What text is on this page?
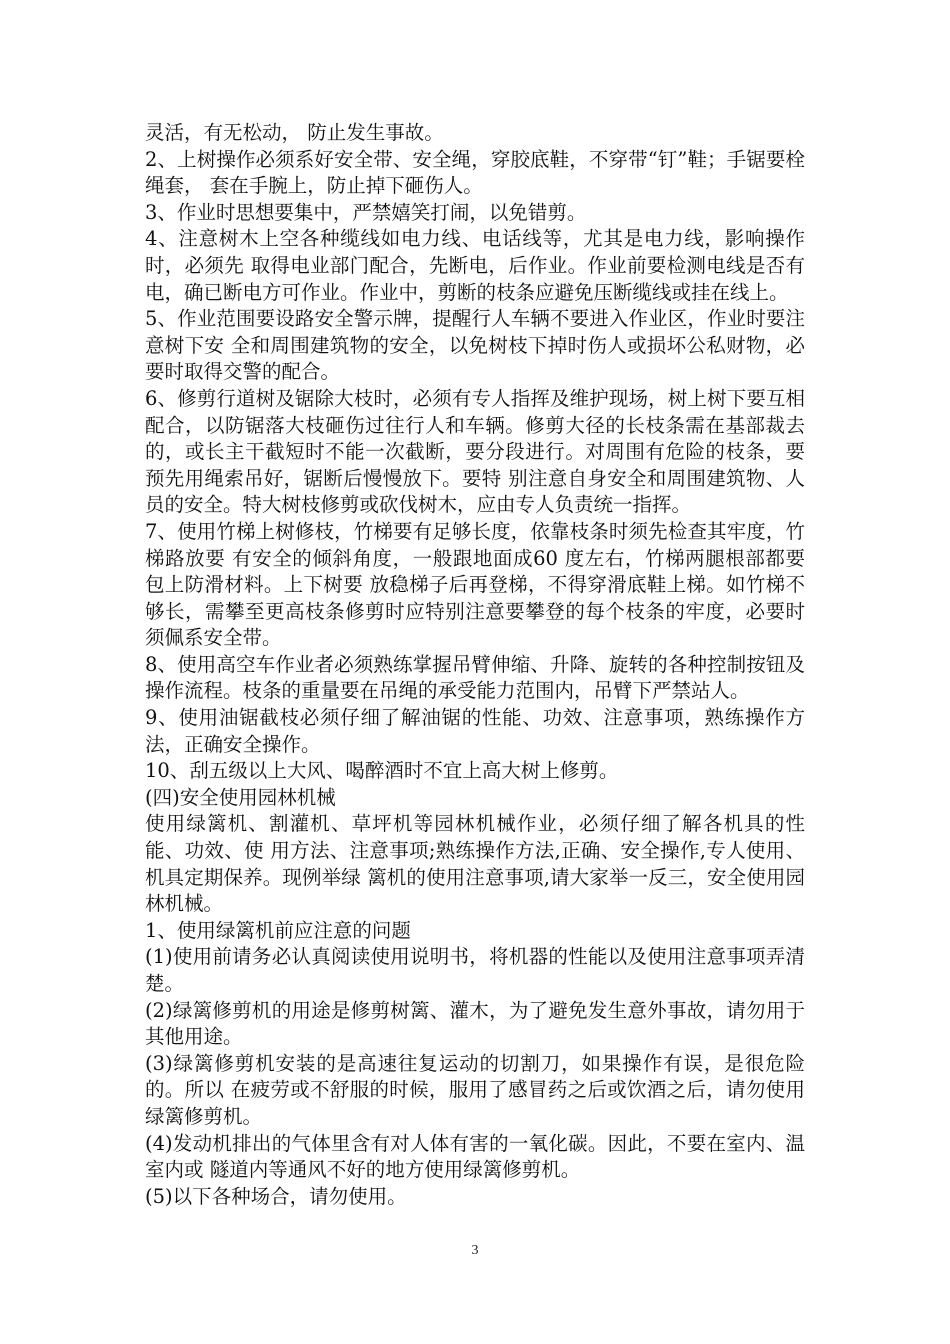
灵活，有无松动， 防止发生事故。

2、上树操作必须系好安全带、安全绳，穿胶底鞋，不穿带“钉”鞋；手锯要栓绳套， 套在手腕上，防止掉下砸伤人。

3、作业时思想要集中，严禁嬉笑打闹，以免错剪。

4、注意树木上空各种缆线如电力线、电话线等，尤其是电力线，影响操作时，必须先 取得电业部门配合，先断电，后作业。作业前要检测电线是否有电，确已断电方可作业。作业中，剪断的枝条应避免压断缆线或挂在线上。

5、作业范围要设路安全警示牌，提醒行人车辆不要进入作业区，作业时要注意树下安 全和周围建筑物的安全，以免树枝下掉时伤人或损坏公私财物，必要时取得交警的配合。

6、修剪行道树及锯除大枝时，必须有专人指挥及维护现场，树上树下要互相配合，以防锯落大枝砸伤过往行人和车辆。修剪大径的长枝条需在基部裁去的，或长主干截短时不能一次截断，要分段进行。对周围有危险的枝条，要预先用绳索吊好，锯断后慢慢放下。要特 别注意自身安全和周围建筑物、人员的安全。特大树枝修剪或砍伐树木，应由专人负责统一指挥。

7、使用竹梯上树修枝，竹梯要有足够长度，依靠枝条时须先检查其牢度，竹梯路放要 有安全的倾斜角度，一般跟地面成60 度左右，竹梯两腿根部都要包上防滑材料。上下树要 放稳梯子后再登梯，不得穿滑底鞋上梯。如竹梯不够长，需攀至更高枝条修剪时应特别注意要攀登的每个枝条的牢度，必要时须佩系安全带。

8、使用高空车作业者必须熟练掌握吊臂伸缩、升降、旋转的各种控制按钮及操作流程。枝条的重量要在吊绳的承受能力范围内，吊臂下严禁站人。

9、使用油锯截枝必须仔细了解油锯的性能、功效、注意事项，熟练操作方法，正确安全操作。

10、刮五级以上大风、喝醉酒时不宜上高大树上修剪。

(四)安全使用园林机械

使用绿篱机、割灌机、草坪机等园林机械作业，必须仔细了解各机具的性能、功效、使 用方法、注意事项;熟练操作方法,正确、安全操作,专人使用、机具定期保养。现例举绿 篱机的使用注意事项,请大家举一反三，安全使用园林机械。

1、使用绿篱机前应注意的问题

(1)使用前请务必认真阅读使用说明书，将机器的性能以及使用注意事项弄清楚。

(2)绿篱修剪机的用途是修剪树篱、灌木，为了避免发生意外事故，请勿用于其他用途。

(3)绿篱修剪机安装的是高速往复运动的切割刀，如果操作有误，是很危险的。所以 在疲劳或不舒服的时候，服用了感冒药之后或饮酒之后，请勿使用绿篱修剪机。

(4)发动机排出的气体里含有对人体有害的一氧化碳。因此，不要在室内、温室内或 隧道内等通风不好的地方使用绿篱修剪机。

(5)以下各种场合，请勿使用。

3
